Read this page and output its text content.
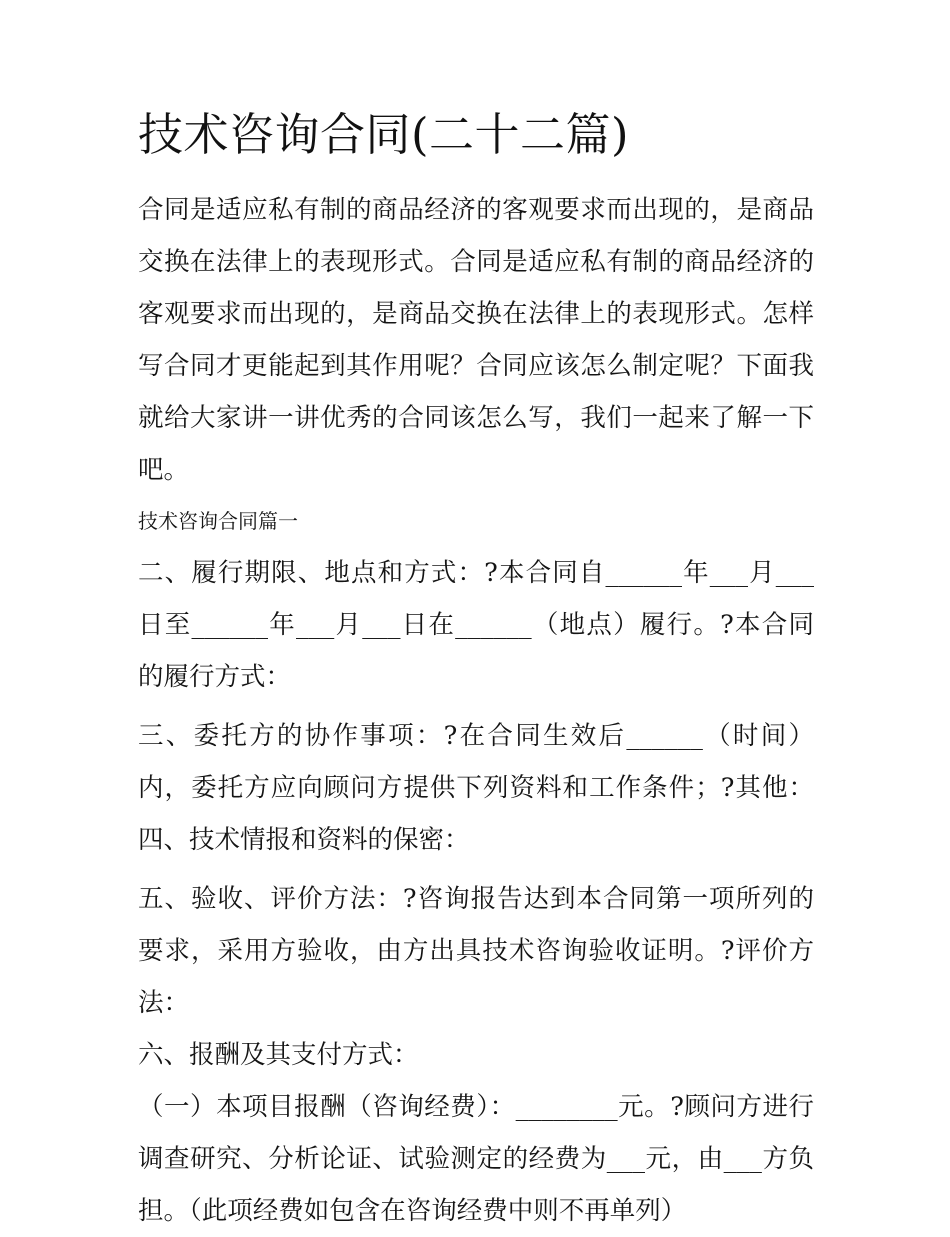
技术咨询合同(二十二篇)

合同是适应私有制的商品经济的客观要求而出现的，是商品交换在法律上的表现形式。合同是适应私有制的商品经济的客观要求而出现的，是商品交换在法律上的表现形式。怎样写合同才更能起到其作用呢？合同应该怎么制定呢？下面我就给大家讲一讲优秀的合同该怎么写，我们一起来了解一下吧。

技术咨询合同篇一

二、履行期限、地点和方式：?本合同自______年___月___日至______年___月___日在______（地点）履行。?本合同的履行方式：

三、委托方的协作事项：?在合同生效后______（时间）内，委托方应向顾问方提供下列资料和工作条件；?其他： 四、技术情报和资料的保密：

五、验收、评价方法：?咨询报告达到本合同第一项所列的要求，采用方验收，由方出具技术咨询验收证明。?评价方法：

六、报酬及其支付方式：

（一）本项目报酬（咨询经费）：________元。?顾问方进行调查研究、分析论证、试验测定的经费为___元，由___方负担。（此项经费如包含在咨询经费中则不再单列）
